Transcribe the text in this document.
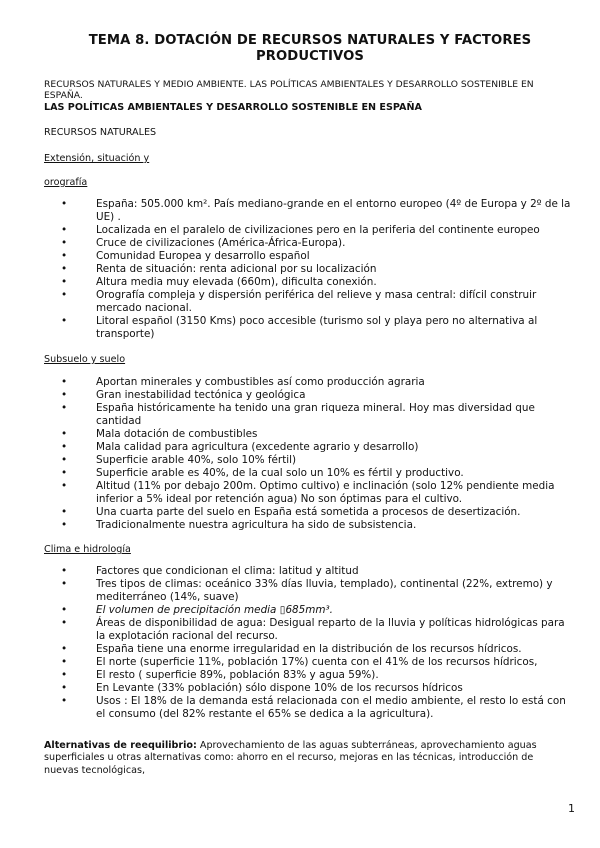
TEMA 8. DOTACIÓN DE RECURSOS NATURALES Y FACTORES PRODUCTIVOS
RECURSOS NATURALES Y MEDIO AMBIENTE. LAS POLÍTICAS AMBIENTALES Y DESARROLLO SOSTENIBLE EN ESPAÑA.
LAS POLÍTICAS AMBIENTALES Y DESARROLLO SOSTENIBLE EN ESPAÑA
RECURSOS NATURALES
Extensión, situación y
orografía
•	España: 505.000 km². País mediano-grande en el entorno europeo (4º de Europa y 2º de la UE) .
•	Localizada en el paralelo de civilizaciones pero en la periferia del continente europeo
•	Cruce de civilizaciones (América-África-Europa).
•	Comunidad Europea y desarrollo español
•	Renta de situación: renta adicional por su localización
•	Altura media muy elevada (660m), dificulta conexión.
•	Orografía compleja y dispersión periférica del relieve y masa central: difícil construir mercado nacional.
•	Litoral español (3150 Kms) poco accesible (turismo sol y playa pero no alternativa al transporte)
Subsuelo y suelo
•	Aportan minerales y combustibles así como producción agraria
•	Gran inestabilidad tectónica y geológica
•	España históricamente ha tenido una gran riqueza mineral. Hoy mas diversidad que cantidad
•	Mala dotación de combustibles
•	Mala calidad para agricultura (excedente agrario y desarrollo)
•	Superficie arable 40%, solo 10% fértil)
•	Superficie arable es 40%, de la cual solo un 10% es fértil y productivo.
•	Altitud (11% por debajo 200m. Optimo cultivo) e inclinación (solo 12% pendiente media inferior a 5% ideal por retención agua) No son óptimas para el cultivo.
•	Una cuarta parte del suelo en España está sometida a procesos de desertización.
•	Tradicionalmente nuestra agricultura ha sido de subsistencia.
Clima e hidrología
•	Factores que condicionan el clima: latitud y altitud
•	Tres tipos de climas: oceánico 33% días lluvia, templado), continental (22%, extremo) y mediterráneo (14%, suave)
•	El volumen de precipitación media ▯685mm³.
•	Áreas de disponibilidad de agua: Desigual reparto de la lluvia y políticas hidrológicas para la explotación racional del recurso.
•	España tiene una enorme irregularidad en la distribución de los recursos hídricos.
•	El norte (superficie 11%, población 17%) cuenta con el 41% de los recursos hídricos,
•	El resto ( superficie 89%, población 83% y agua 59%).
•	En Levante (33% población) sólo dispone 10% de los recursos hídricos
•	Usos : El 18% de la demanda está relacionada con el medio ambiente, el resto lo está con el consumo (del 82% restante el 65% se dedica a la agricultura).
Alternativas de reequilibrio: Aprovechamiento de las aguas subterráneas, aprovechamiento aguas superficiales u otras alternativas como: ahorro en el recurso, mejoras en las técnicas, introducción de nuevas tecnológicas,
1
